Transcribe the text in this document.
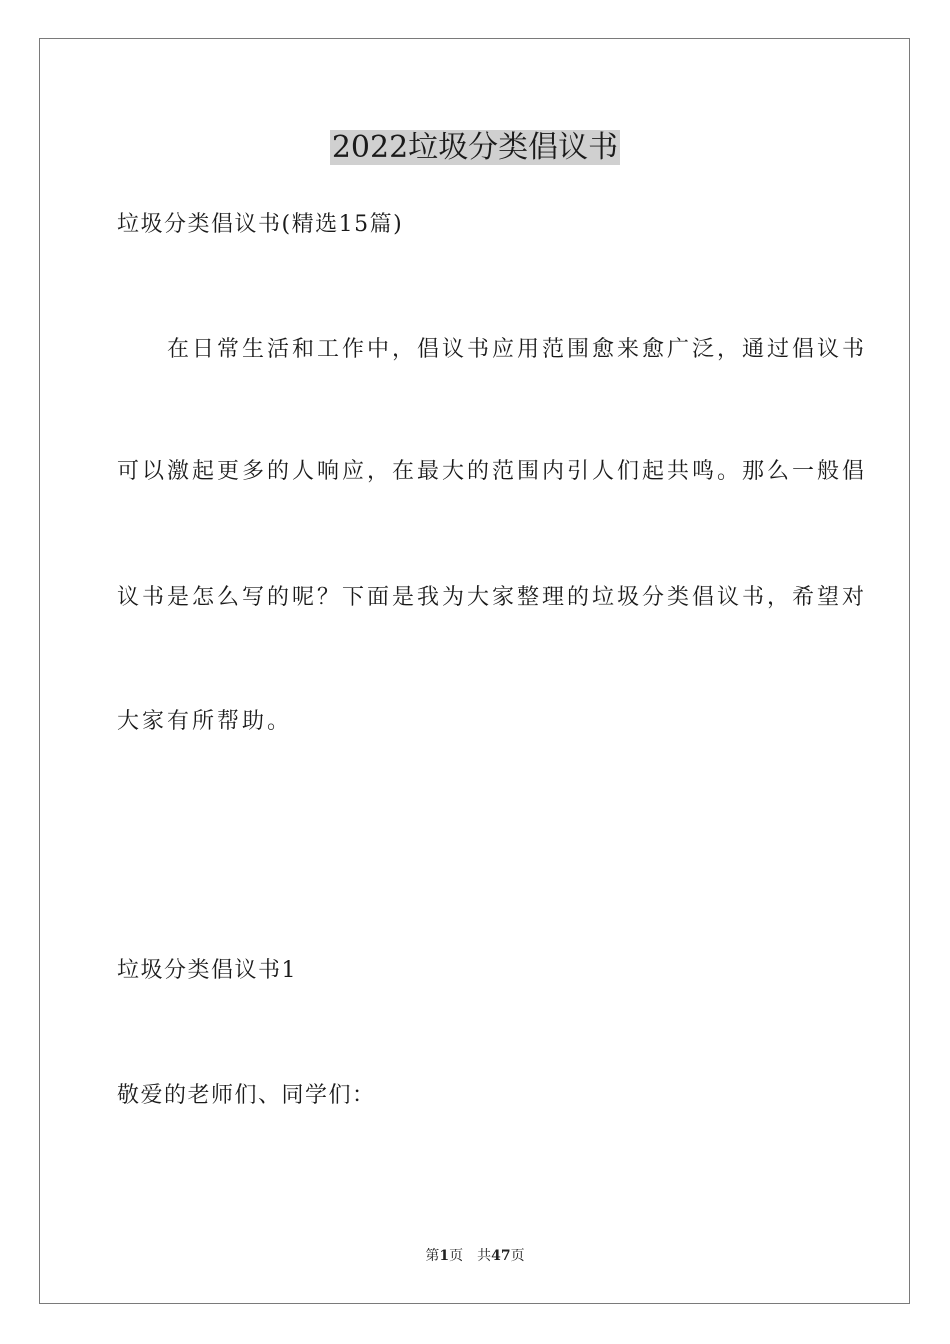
2022垃圾分类倡议书
垃圾分类倡议书(精选15篇)
　　在日常生活和工作中，倡议书应用范围愈来愈广泛，通过倡议书
可以激起更多的人响应，在最大的范围内引人们起共鸣。那么一般倡
议书是怎么写的呢？下面是我为大家整理的垃圾分类倡议书，希望对
大家有所帮助。
垃圾分类倡议书1
敬爱的老师们、同学们：
第1页　 共47页
